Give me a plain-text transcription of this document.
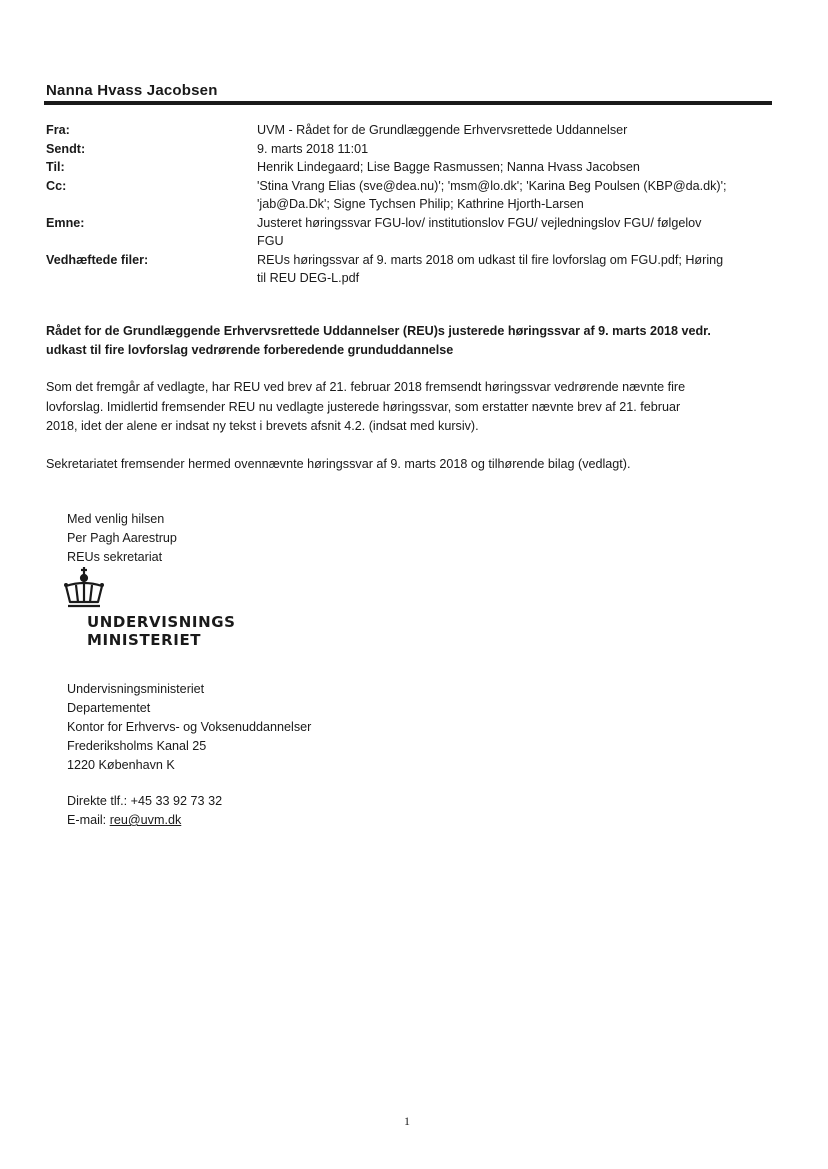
Nanna Hvass Jacobsen
Fra:	UVM - Rådet for de Grundlæggende Erhvervsrettede Uddannelser
Sendt:	9. marts 2018 11:01
Til:	Henrik Lindegaard; Lise Bagge Rasmussen; Nanna Hvass Jacobsen
Cc:	'Stina Vrang Elias (sve@dea.nu)'; 'msm@lo.dk'; 'Karina Beg Poulsen (KBP@da.dk)';
'jab@Da.Dk'; Signe Tychsen Philip; Kathrine Hjorth-Larsen
Emne:	Justeret høringssvar FGU-lov/ institutionslov FGU/ vejledningslov FGU/ følgelov
FGU
Vedhæftede filer:	REUs høringssvar af 9. marts 2018 om udkast til fire lovforslag om FGU.pdf; Høring
til REU DEG-L.pdf
Rådet for de Grundlæggende Erhvervsrettede Uddannelser (REU)s justerede høringssvar af 9. marts 2018 vedr.
udkast til fire lovforslag vedrørende forberedende grunduddannelse
Som det fremgår af vedlagte, har REU ved brev af 21. februar 2018 fremsendt høringssvar vedrørende nævnte fire
lovforslag. Imidlertid fremsender REU nu vedlagte justerede høringssvar, som erstatter nævnte brev af 21. februar
2018, idet der alene er indsat ny tekst i brevets afsnit 4.2. (indsat med kursiv).
Sekretariatet fremsender hermed ovennævnte høringssvar af 9. marts 2018 og tilhørende bilag (vedlagt).
Med venlig hilsen
Per Pagh Aarestrup
REUs sekretariat
UNDERVISNINGS
MINISTERIET
Undervisningsministeriet
Departementet
Kontor for Erhvervs- og Voksenuddannelser
Frederiksholms Kanal 25
1220 København K
Direkte tlf.: +45 33 92 73 32
E-mail: reu@uvm.dk
1
